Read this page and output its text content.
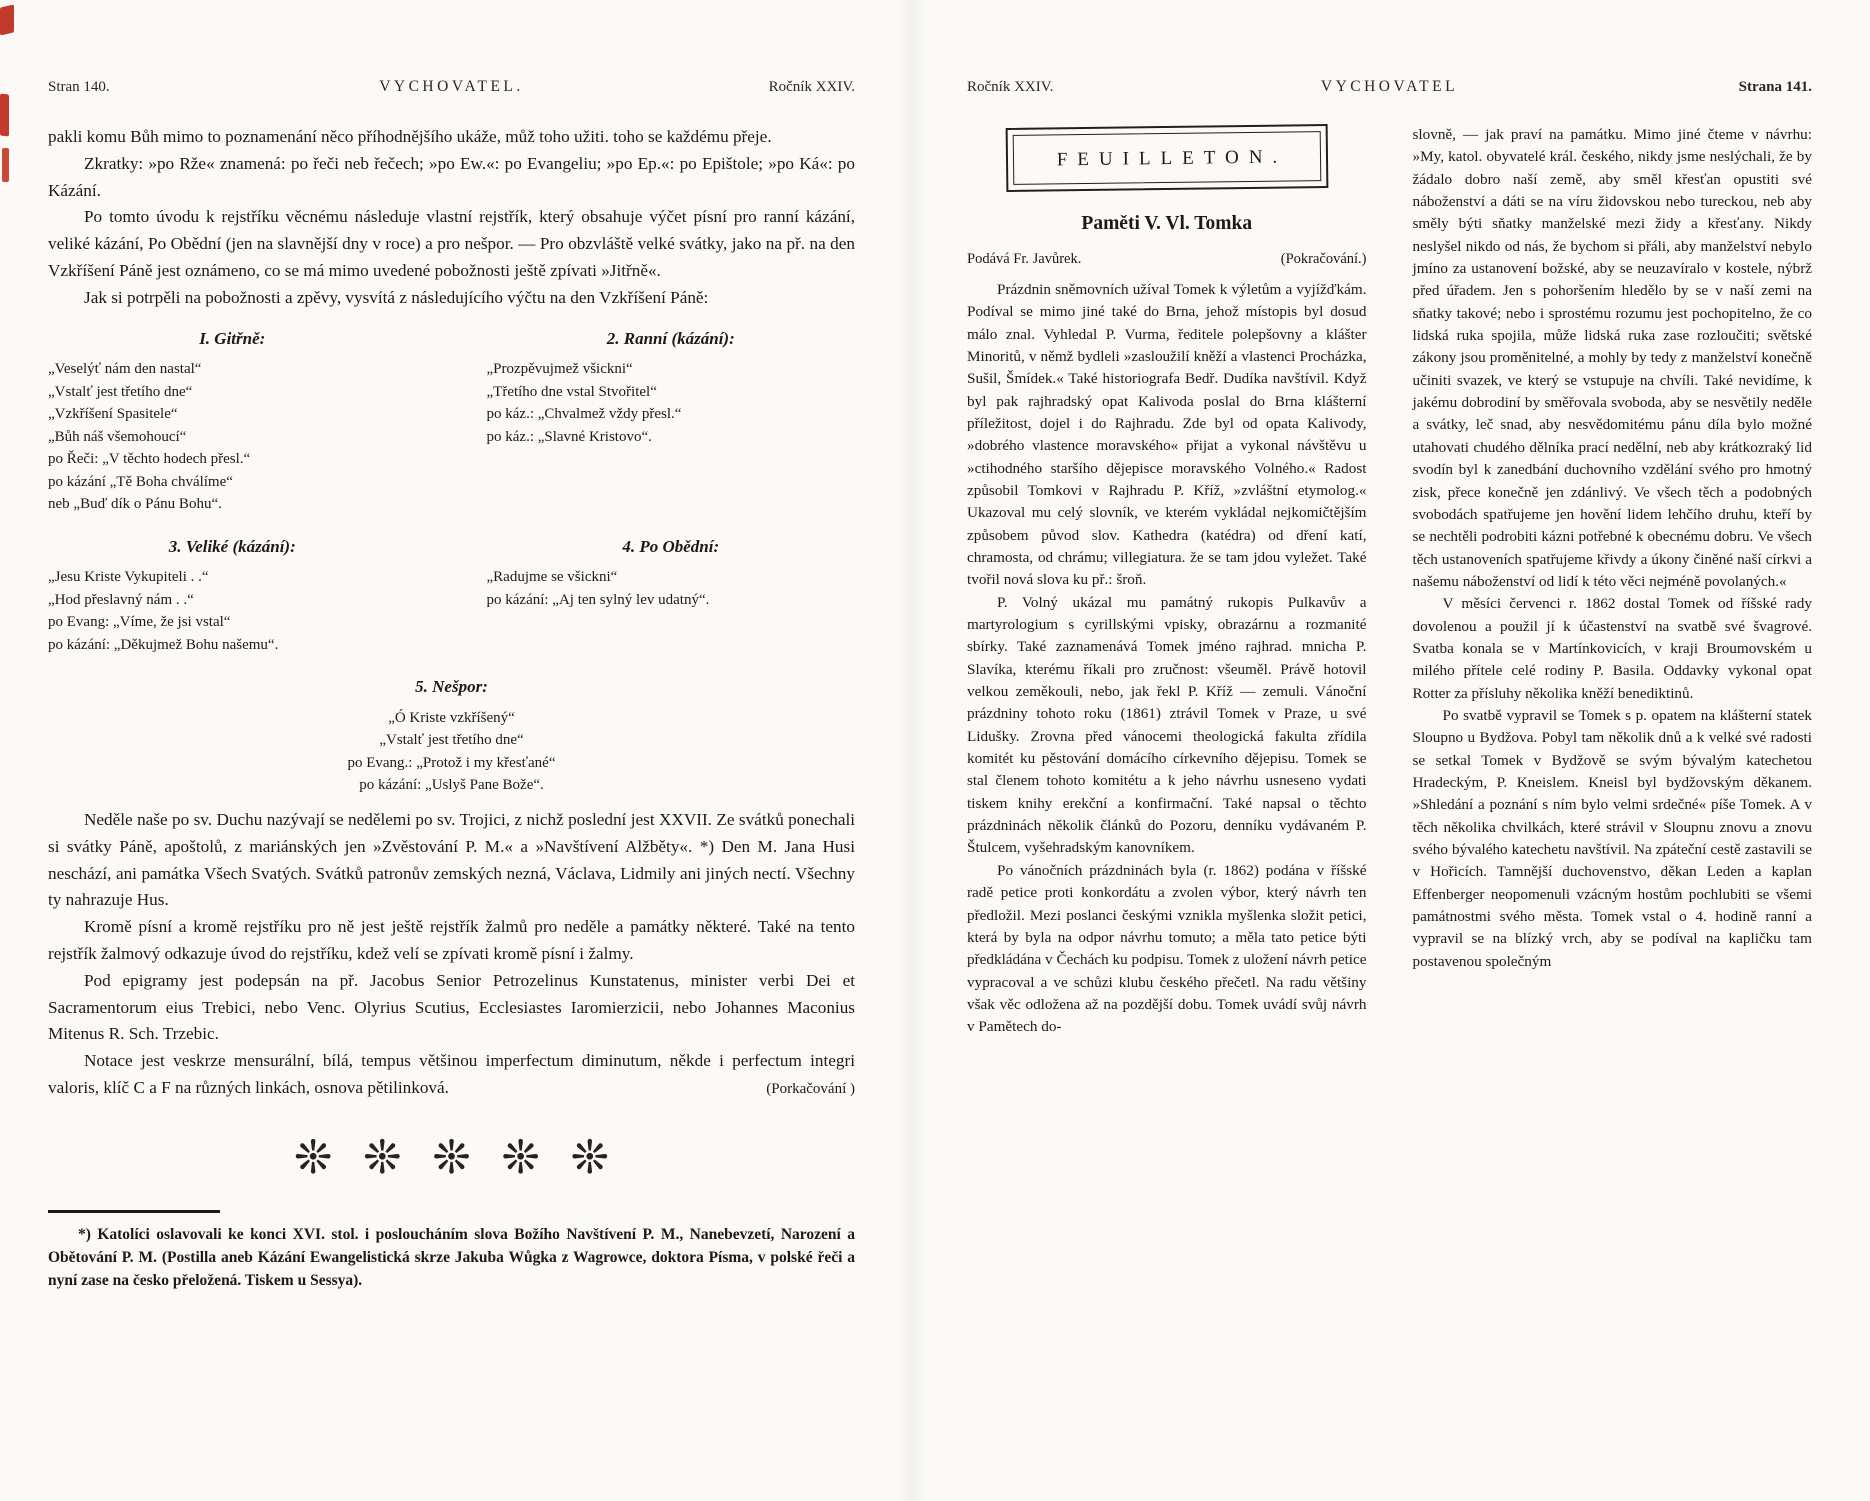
Stran 140.	VYCHOVATEL.	Ročník XXIV.

pakli komu Bůh mimo to poznamenání něco příhodnějšího ukáže, můž toho užiti. toho se každému přeje.

Zkratky: »po Rže« znamená: po řeči neb řečech; »po Ew.«: po Evangeliu; »po Ep.«: po Epištole; »po Ká«: po Kázání.

Po tomto úvodu k rejstříku věcnému následuje vlastní rejstřík, který obsahuje výčet písní pro ranní kázání, veliké kázání, Po Obědní (jen na slavnější dny v roce) a pro nešpor. — Pro obzvláště velké svátky, jako na př. na den Vzkříšení Páně jest oznámeno, co se má mimo uvedené pobožnosti ještě zpívati »Jitřně«.

Jak si potrpěli na pobožnosti a zpěvy, vysvítá z následujícího výčtu na den Vzkříšení Páně:

I. Gitřně:
„Veselýť nám den nastal“
„Vstalť jest třetího dne“
„Vzkříšení Spasitele“
„Bůh náš všemohoucí“
po Řeči: „V těchto hodech přesl.“
po kázání „Tě Boha chválíme“
neb „Buď dík o Pánu Bohu“.
2. Ranní (kázání):
„Prozpěvujmež všickni“
„Třetího dne vstal Stvořitel“
po káz.: „Chvalmež vždy přesl.“
po káz.: „Slavné Kristovo“.
3. Veliké (kázání):
„Jesu Kriste Vykupiteli . .“
„Hod přeslavný nám . .“
po Evang: „Víme, že jsi vstal“
po kázání: „Děkujmež Bohu našemu“.
4. Po Obědní:
„Radujme se všickni“
po kázání: „Aj ten sylný lev udatný“.
5. Nešpor:
„Ó Kriste vzkříšený“
„Vstalť jest třetího dne“
po Evang.: „Protož i my křesťané“
po kázání: „Uslyš Pane Bože“.

Neděle naše po sv. Duchu nazývají se nedělemi po sv. Trojici, z nichž poslední jest XXVII. Ze svátků ponechali si svátky Páně, apoštolů, z mariánských jen »Zvěstování P. M.« a »Navštívení Alžběty«. *) Den M. Jana Husi neschází, ani památka Všech Svatých. Svátků patronův zemských nezná, Václava, Lidmily ani jiných nectí. Všechny ty nahrazuje Hus.

Kromě písní a kromě rejstříku pro ně jest ještě rejstřík žalmů pro neděle a památky některé. Také na tento rejstřík žalmový odkazuje úvod do rejstříku, kdež velí se zpívati kromě písní i žalmy.

Pod epigramy jest podepsán na př. Jacobus Senior Petrozelinus Kunstatenus, minister verbi Dei et Sacramentorum eius Trebici, nebo Venc. Olyrius Scutius, Ecclesiastes Iaromierzicii, nebo Johannes Maconius Mitenus R. Sch. Trzebic.

Notace jest veskrze mensurální, bílá, tempus většinou imperfectum diminutum, někde i perfectum integri valoris, klíč C a F na různých linkách, osnova pětilinková.	(Porkačování )

❊ ❊ ❊ ❊ ❊

*) Katolíci oslavovali ke konci XVI. stol. i posloucháním slova Božího Navštívení P. M., Nanebevzetí, Narození a Obětování P. M. (Postilla aneb Kázání Ewangelistická skrze Jakuba Wůgka z Wagrowce, doktora Písma, v polské řeči a nyní zase na česko přeložená. Tiskem u Sessya).

Ročník XXIV.	VYCHOVATEL	Strana 141.
FEUILLETON.
Paměti V. Vl. Tomka
Podává Fr. Javůrek.	(Pokračování.)

Prázdnin sněmovních užíval Tomek k výletům a vyjížďkám. Podíval se mimo jiné také do Brna, jehož místopis byl dosud málo znal. Vyhledal P. Vurma, ředitele polepšovny a klášter Minoritů, v němž bydleli »zasloužilí kněží a vlastenci Procházka, Sušil, Šmídek.« Také historiografa Bedř. Dudíka navštívil. Když byl pak rajhradský opat Kalivoda poslal do Brna klášterní příležitost, dojel i do Rajhradu. Zde byl od opata Kalivody, »dobrého vlastence moravského« přijat a vykonal návštěvu u »ctihodného staršího dějepisce moravského Volného.« Radost způsobil Tomkovi v Rajhradu P. Kříž, »zvláštní etymolog.« Ukazoval mu celý slovník, ve kterém vykládal nejkomičtějším způsobem původ slov. Kathedra (katédra) od dření katí, chramosta, od chrámu; villegiatura. že se tam jdou vyležet. Také tvořil nová slova ku př.: šroň.

P. Volný ukázal mu památný rukopis Pulkavův a martyrologium s cyrillskými vpisky, obrazárnu a rozmanité sbírky. Také zaznamenává Tomek jméno rajhrad. mnicha P. Slavíka, kterému říkali pro zručnost: všeuměl. Právě hotovil velkou zeměkouli, nebo, jak řekl P. Kříž — zemuli. Vánoční prázdniny tohoto roku (1861) ztrávil Tomek v Praze, u své Lidušky. Zrovna před vánocemi theologická fakulta zřídila komitét ku pěstování domácího církevního dějepisu. Tomek se stal členem tohoto komitétu a k jeho návrhu usneseno vydati tiskem knihy erekční a konfirmační. Také napsal o těchto prázdninách několik článků do Pozoru, denníku vydávaném P. Štulcem, vyšehradským kanovníkem.

Po vánočních prázdninách byla (r. 1862) podána v říšské radě petice proti konkordátu a zvolen výbor, který návrh ten předložil. Mezi poslanci českými vznikla myšlenka složit petici, která by byla na odpor návrhu tomuto; a měla tato petice býti předkládána v Čechách ku podpisu. Tomek z uložení návrh petice vypracoval a ve schůzi klubu českého přečetl. Na radu většiny však věc odložena až na pozdější dobu. Tomek uvádí svůj návrh v Pamětech do-

slovně, — jak praví na památku. Mimo jiné čteme v návrhu: »My, katol. obyvatelé král. českého, nikdy jsme neslýchali, že by žádalo dobro naší země, aby směl křesťan opustiti své náboženství a dáti se na víru židovskou nebo tureckou, neb aby směly býti sňatky manželské mezi židy a křesťany. Nikdy neslyšel nikdo od nás, že bychom si přáli, aby manželství nebylo jmíno za ustanovení božské, aby se neuzavíralo v kostele, nýbrž před úřadem. Jen s pohoršením hledělo by se v naší zemi na sňatky takové; nebo i sprostému rozumu jest pochopitelno, že co lidská ruka spojila, může lidská ruka zase rozloučiti; světské zákony jsou proměnitelné, a mohly by tedy z manželství konečně učiniti svazek, ve který se vstupuje na chvíli. Také nevidíme, k jakému dobrodiní by směřovala svoboda, aby se nesvětily neděle a svátky, leč snad, aby nesvědomitému pánu díla bylo možné utahovati chudého dělníka prací nedělní, neb aby krátkozraký lid svodín byl k zanedbání duchovního vzdělání svého pro hmotný zisk, přece konečně jen zdánlivý. Ve všech těch a podobných svobodách spatřujeme jen hovění lidem lehčího druhu, kteří by se nechtěli podrobiti kázni potřebné k obecnému dobru. Ve všech těch ustanoveních spatřujeme křivdy a úkony činěné naší církvi a našemu náboženství od lidí k této věci nejméně povolaných.«

V měsíci červenci r. 1862 dostal Tomek od říšské rady dovolenou a použil jí k účastenství na svatbě své švagrové. Svatba konala se v Martínkovicích, v kraji Broumovském u milého přítele celé rodiny P. Basila. Oddavky vykonal opat Rotter za přísluhy několika kněží benediktinů.

Po svatbě vypravil se Tomek s p. opatem na klášterní statek Sloupno u Bydžova. Pobyl tam několik dnů a k velké své radosti se setkal Tomek v Bydžově se svým bývalým katechetou Hradeckým, P. Kneislem. Kneisl byl bydžovským děkanem. »Shledání a poznání s ním bylo velmi srdečné« píše Tomek. A v těch několika chvilkách, které strávil v Sloupnu znovu a znovu svého bývalého katechetu navštívil. Na zpáteční cestě zastavili se v Hořicích. Tamnější duchovenstvo, děkan Leden a kaplan Effenberger neopomenuli vzácným hostům pochlubiti se všemi památnostmi svého města. Tomek vstal o 4. hodině ranní a vypravil se na blízký vrch, aby se podíval na kapličku tam postavenou společným
